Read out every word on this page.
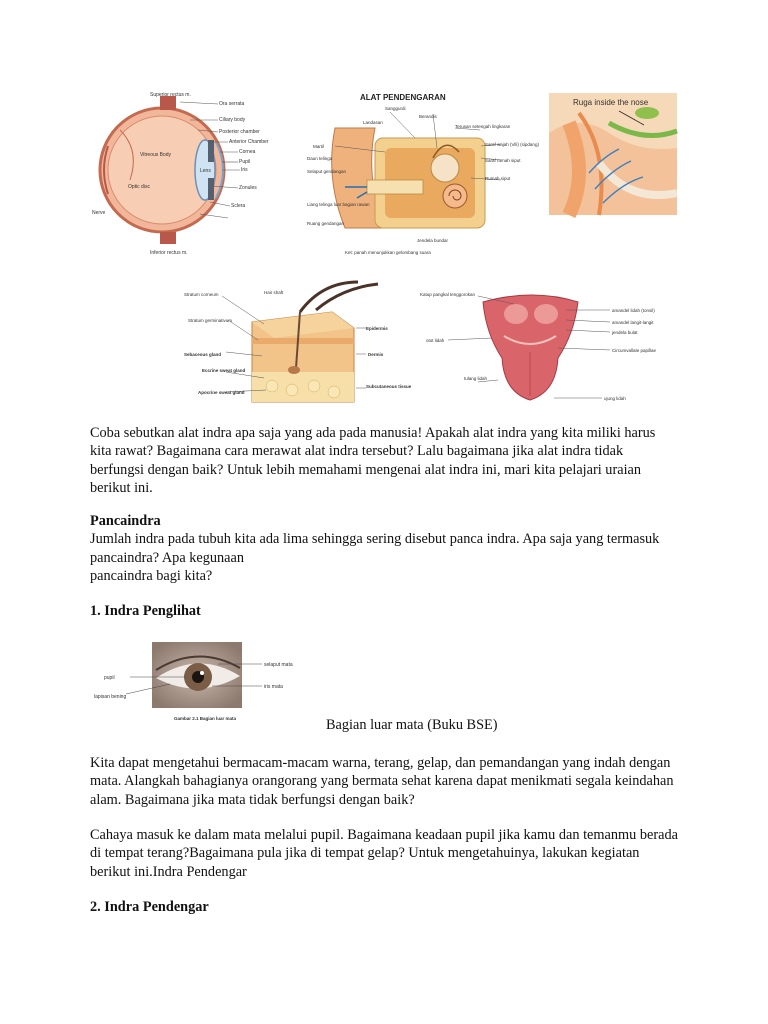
Superior rectus m.
Ora serrata
Ciliary body
Posterior chamber
Anterior Chamber
Cornea
Pupil
Iris
Zonules
Sclera
Vitreous Body
Lens
Optic disc
Nerve
Inferior rectus m.
ALAT PENDENGARAN
Sanggurdi
Landasan
Berandis
Terusan setengah lingkaran
Martil
Daun telinga
Selaput gendangan
Saraf wajah (Vili) (sipdang)
Saraf rumah siput
Rumah siput
Liang telinga luar bagian rawan
Ruang gendangan
Jendela bundar
Ket: panah menunjukkan gelombang suara
Ruga inside the nose
Stratum corneum
Stratum germinativum
Sebaceous gland
Eccrine sweat gland
Apocrine sweat gland
Hair shaft
Epidermis
Dermis
Subcutaneous tissue
Katup pangkal tenggorokan
amandel lidah (tonsil)
amandel langit-langit
jendela bulat
Circumvallate papillae
tulang lidah
otot lidah
ujung lidah

Coba sebutkan alat indra apa saja yang ada pada manusia! Apakah alat indra yang kita miliki harus kita rawat? Bagaimana cara merawat alat indra tersebut? Lalu bagaimana jika alat indra tidak berfungsi dengan baik? Untuk lebih memahami mengenai alat indra ini, mari kita pelajari uraian berikut ini.

Pancaindra

Jumlah indra pada tubuh kita ada lima sehingga sering disebut panca indra. Apa saja yang termasuk pancaindra? Apa kegunaan

pancaindra bagi kita?

1. Indra Penglihat

pupil
selaput mata
lapisan bening
iris mata
Gambar 2.1 Bagian luar mata	Bagian luar mata (Buku BSE)

Kita dapat mengetahui bermacam-macam warna, terang, gelap, dan pemandangan yang indah dengan mata. Alangkah bahagianya orangorang yang bermata sehat karena dapat menikmati segala keindahan alam. Bagaimana jika mata tidak berfungsi dengan baik?

Cahaya masuk ke dalam mata melalui pupil. Bagaimana keadaan pupil jika kamu dan temanmu berada di tempat terang?Bagaimana pula jika di tempat gelap? Untuk mengetahuinya, lakukan kegiatan berikut ini.Indra Pendengar

2. Indra Pendengar
